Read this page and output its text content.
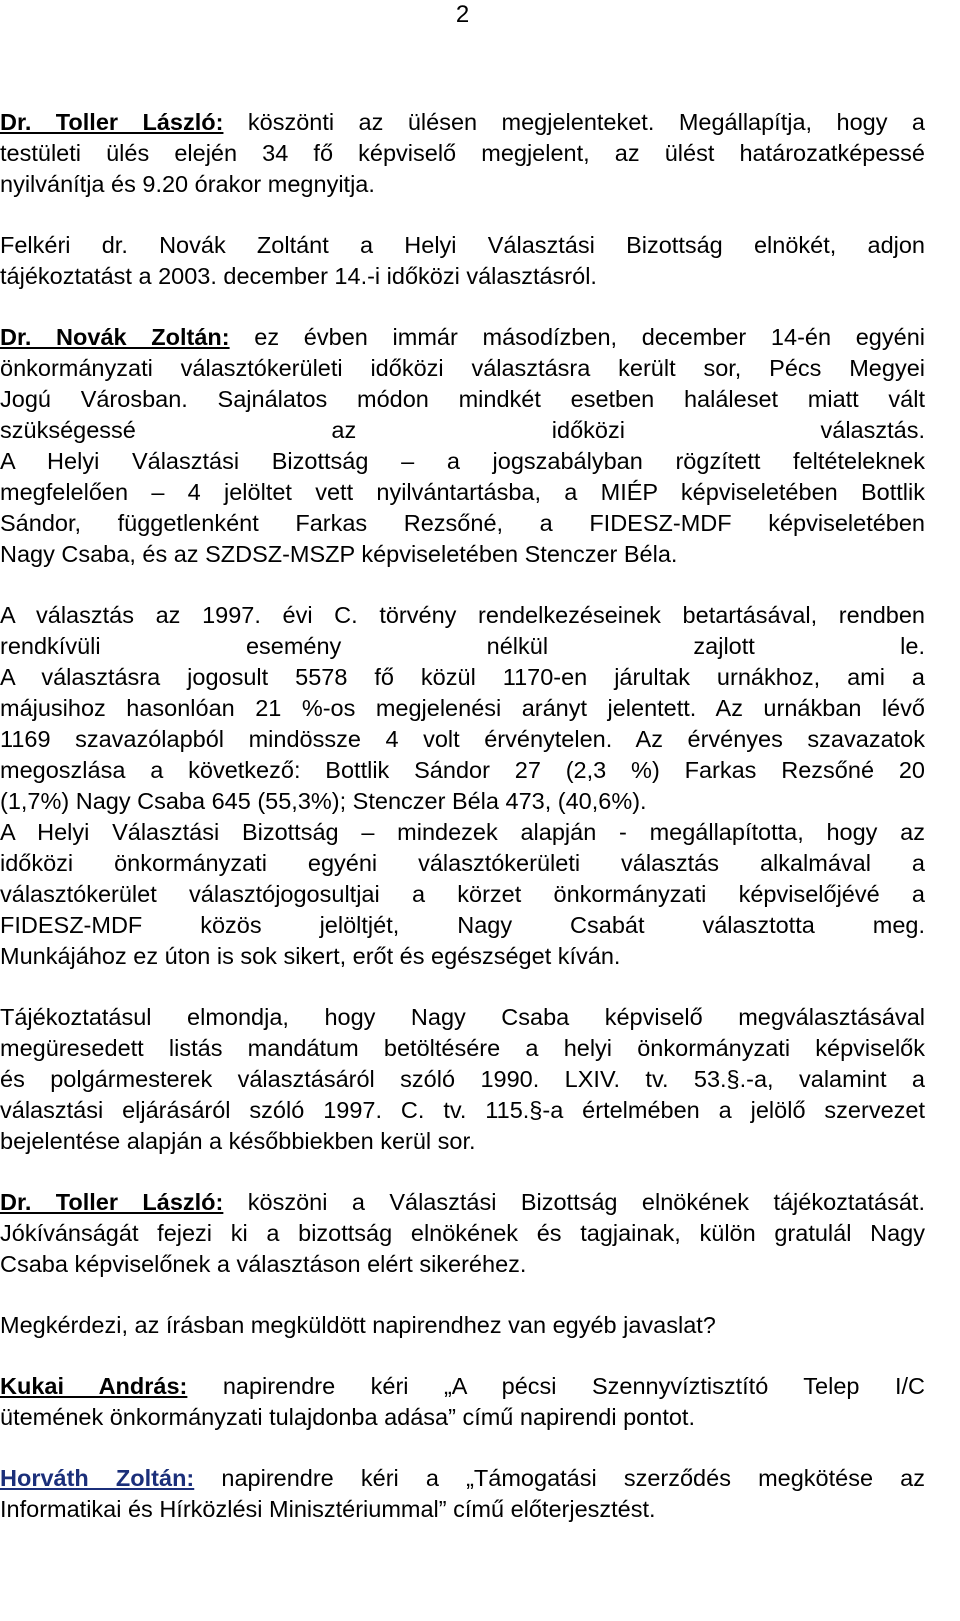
2

Dr. Toller László: köszönti az ülésen megjelenteket. Megállapítja, hogy a

testületi ülés elején 34 fő képviselő megjelent, az ülést határozatképessé

nyilvánítja és 9.20 órakor megnyitja.

Felkéri dr. Novák Zoltánt a Helyi Választási Bizottság elnökét, adjon

tájékoztatást a 2003. december 14.-i időközi választásról.

Dr. Novák Zoltán: ez évben immár másodízben, december 14-én egyéni

önkormányzati választókerületi időközi választásra került sor, Pécs Megyei

Jogú Városban. Sajnálatos módon mindkét esetben haláleset miatt vált

szükségessé az időközi választás.

A Helyi Választási Bizottság – a jogszabályban rögzített feltételeknek

megfelelően – 4 jelöltet vett nyilvántartásba, a MIÉP képviseletében Bottlik

Sándor, függetlenként Farkas Rezsőné, a FIDESZ-MDF képviseletében

Nagy Csaba, és az SZDSZ-MSZP képviseletében Stenczer Béla.

A választás az 1997. évi C. törvény rendelkezéseinek betartásával, rendben

rendkívüli esemény nélkül zajlott le.

A választásra jogosult 5578 fő közül 1170-en járultak urnákhoz, ami a

májusihoz hasonlóan 21 %-os megjelenési arányt jelentett. Az urnákban lévő

1169 szavazólapból mindössze 4 volt érvénytelen. Az érvényes szavazatok

megoszlása a következő: Bottlik Sándor 27 (2,3 %) Farkas Rezsőné 20

(1,7%) Nagy Csaba 645 (55,3%); Stenczer Béla 473, (40,6%).

A Helyi Választási Bizottság – mindezek alapján - megállapította, hogy az

időközi önkormányzati egyéni választókerületi választás alkalmával a

választókerület választójogosultjai a körzet önkormányzati képviselőjévé a

FIDESZ-MDF közös jelöltjét, Nagy Csabát választotta meg.

Munkájához ez úton is sok sikert, erőt és egészséget kíván.

Tájékoztatásul elmondja, hogy Nagy Csaba képviselő megválasztásával

megüresedett listás mandátum betöltésére a helyi önkormányzati képviselők

és polgármesterek választásáról szóló 1990. LXIV. tv. 53.§.-a, valamint a

választási eljárásáról szóló 1997. C. tv. 115.§-a értelmében a jelölő szervezet

bejelentése alapján a későbbiekben kerül sor.

Dr. Toller László: köszöni a Választási Bizottság elnökének tájékoztatását.

Jókívánságát fejezi ki a bizottság elnökének és tagjainak, külön gratulál Nagy

Csaba képviselőnek a választáson elért sikeréhez.

Megkérdezi, az írásban megküldött napirendhez van egyéb javaslat?

Kukai András: napirendre kéri „A pécsi Szennyvíztisztító Telep I/C

ütemének önkormányzati tulajdonba adása” című napirendi pontot.

Horváth Zoltán: napirendre kéri a „Támogatási szerződés megkötése az

Informatikai és Hírközlési Minisztériummal” című előterjesztést.
